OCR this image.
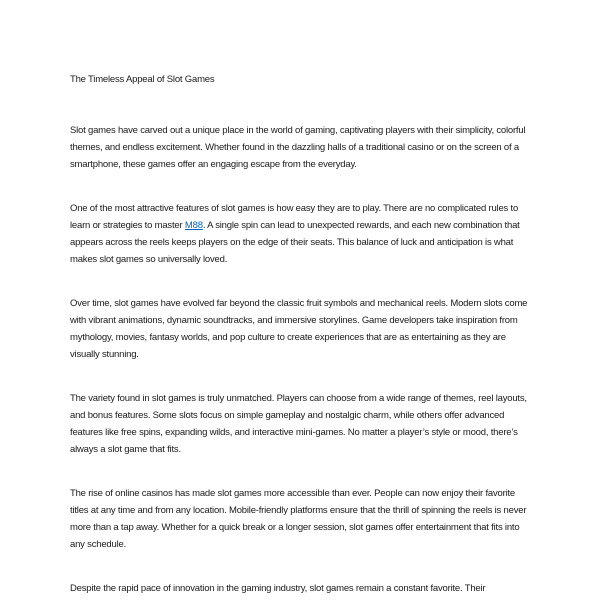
The Timeless Appeal of Slot Games

Slot games have carved out a unique place in the world of gaming, captivating players with their simplicity, colorful themes, and endless excitement. Whether found in the dazzling halls of a traditional casino or on the screen of a smartphone, these games offer an engaging escape from the everyday.

One of the most attractive features of slot games is how easy they are to play. There are no complicated rules to learn or strategies to master M88. A single spin can lead to unexpected rewards, and each new combination that appears across the reels keeps players on the edge of their seats. This balance of luck and anticipation is what makes slot games so universally loved.

Over time, slot games have evolved far beyond the classic fruit symbols and mechanical reels. Modern slots come with vibrant animations, dynamic soundtracks, and immersive storylines. Game developers take inspiration from mythology, movies, fantasy worlds, and pop culture to create experiences that are as entertaining as they are visually stunning.

The variety found in slot games is truly unmatched. Players can choose from a wide range of themes, reel layouts, and bonus features. Some slots focus on simple gameplay and nostalgic charm, while others offer advanced features like free spins, expanding wilds, and interactive mini-games. No matter a player’s style or mood, there’s always a slot game that fits.

The rise of online casinos has made slot games more accessible than ever. People can now enjoy their favorite titles at any time and from any location. Mobile-friendly platforms ensure that the thrill of spinning the reels is never more than a tap away. Whether for a quick break or a longer session, slot games offer entertainment that fits into any schedule.

Despite the rapid pace of innovation in the gaming industry, slot games remain a constant favorite. Their
